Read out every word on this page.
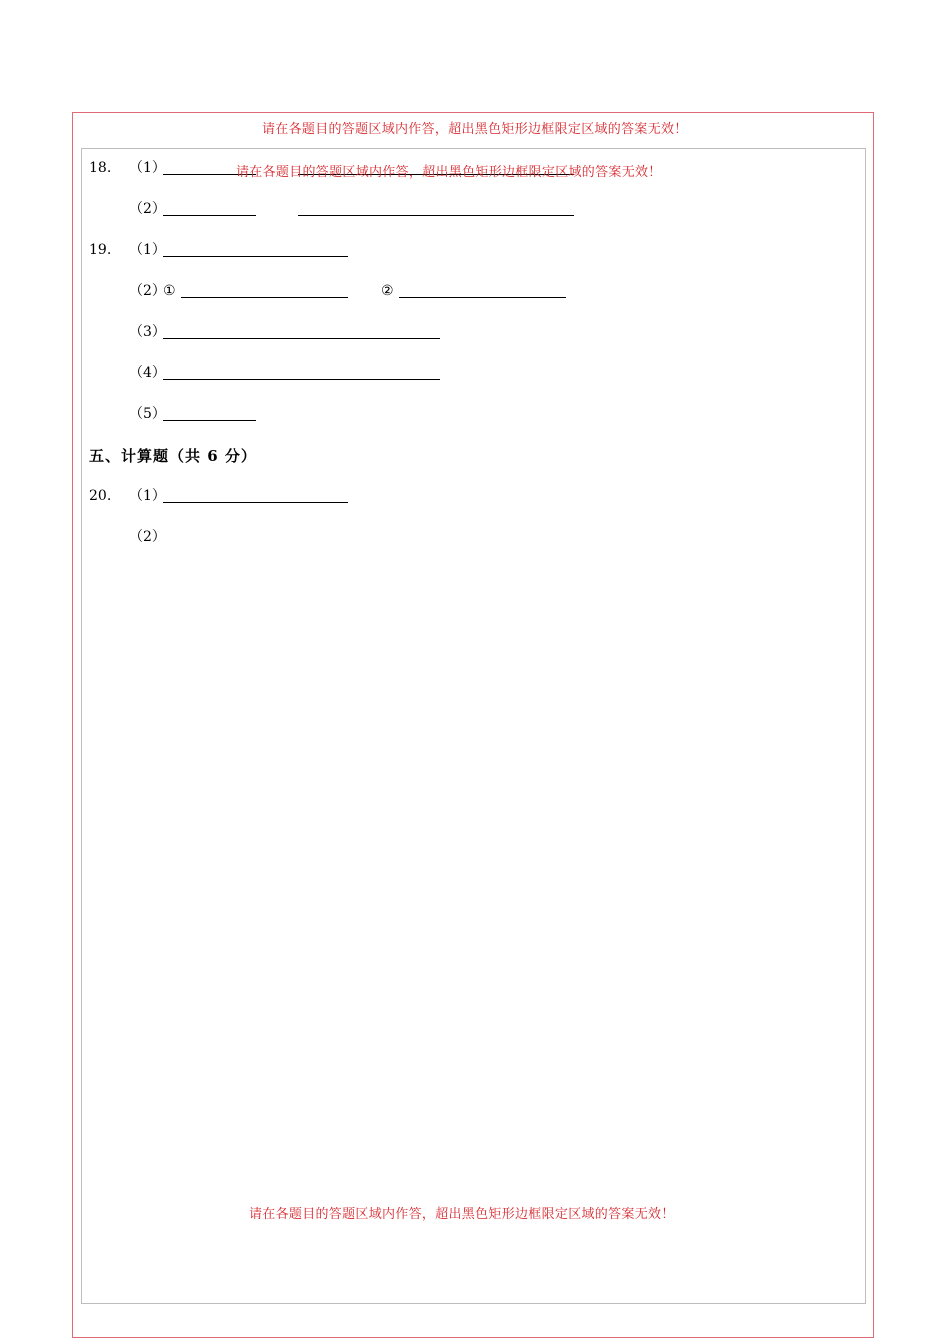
请在各题目的答题区域内作答，超出黑色矩形边框限定区域的答案无效！
18. （1）	请在各题目的答题区域内作答，超出黑色矩形边框限定区域的答案无效！
（2）
19. （1）
（2）
①	②
（3）
（4）
（5）
五、计算题（共 6 分）
20. （1）
（2）
请在各题目的答题区域内作答，超出黑色矩形边框限定区域的答案无效！
